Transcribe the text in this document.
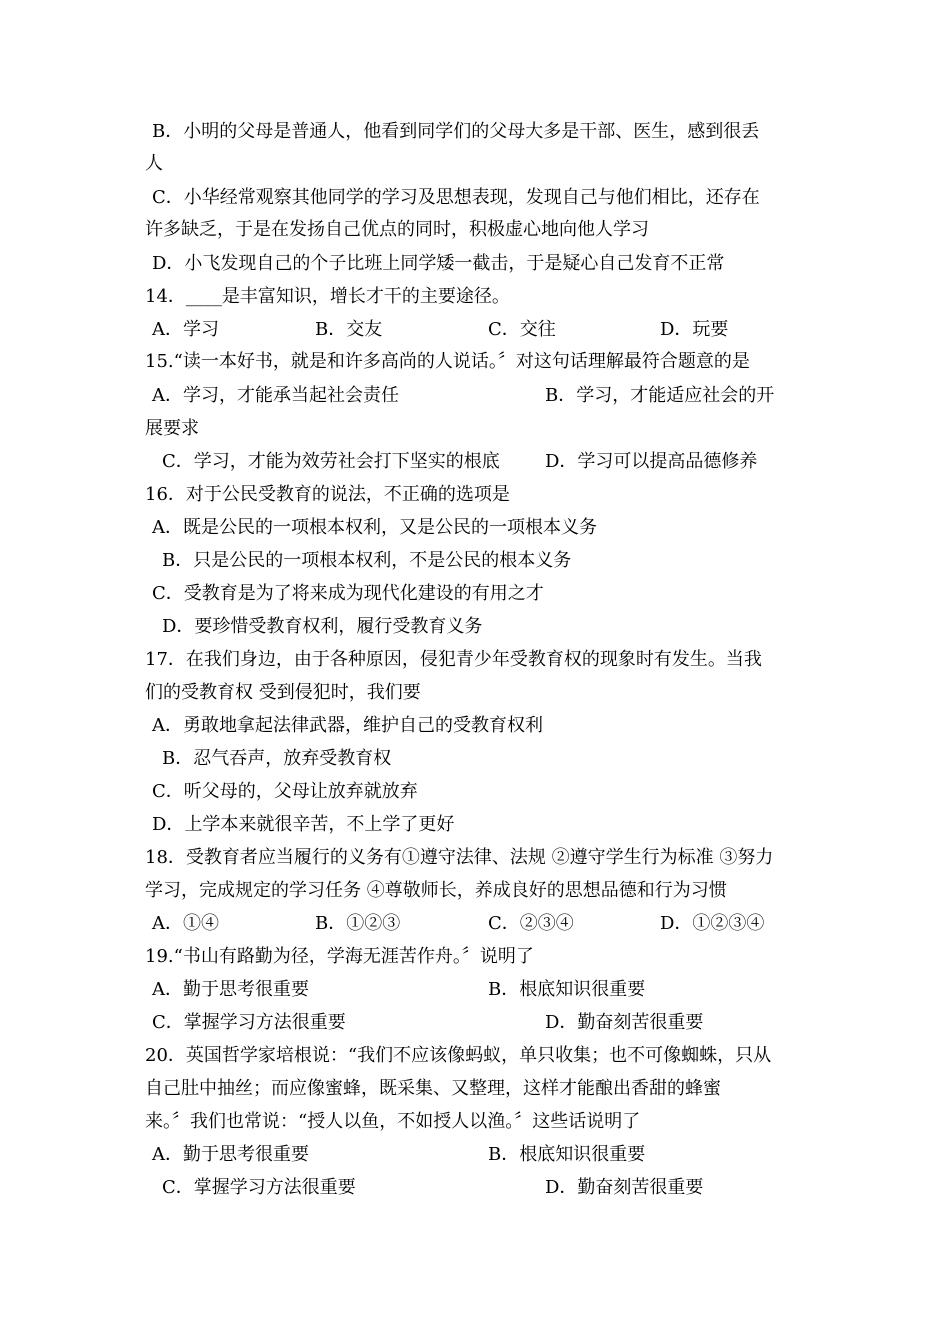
B．小明的父母是普通人，他看到同学们的父母大多是干部、医生，感到很丢
人
C．小华经常观察其他同学的学习及思想表现，发现自己与他们相比，还存在
许多缺乏，于是在发扬自己优点的同时，积极虚心地向他人学习
D．小飞发现自己的个子比班上同学矮一截击，于是疑心自己发育不正常
14．____是丰富知识，增长才干的主要途径。
A．学习	B．交友	C．交往	D．玩要
15.“读一本好书，就是和许多高尚的人说话。〞对这句话理解最符合题意的是
A．学习，才能承当起社会责任	B．学习，才能适应社会的开
展要求
C．学习，才能为效劳社会打下坚实的根底	D．学习可以提高品德修养
16．对于公民受教育的说法，不正确的选项是
A．既是公民的一项根本权利，又是公民的一项根本义务
B．只是公民的一项根本权利，不是公民的根本义务
C．受教育是为了将来成为现代化建设的有用之才
D．要珍惜受教育权利，履行受教育义务
17．在我们身边，由于各种原因，侵犯青少年受教育权的现象时有发生。当我
们的受教育权 受到侵犯时，我们要
A．勇敢地拿起法律武器，维护自己的受教育权利
B．忍气吞声，放弃受教育权
C．听父母的，父母让放弃就放弃
D．上学本来就很辛苦，不上学了更好
18．受教育者应当履行的义务有①遵守法律、法规 ②遵守学生行为标准 ③努力
学习，完成规定的学习任务 ④尊敬师长，养成良好的思想品德和行为习惯
A．①④	B．①②③	C．②③④	D．①②③④
19.“书山有路勤为径，学海无涯苦作舟。〞说明了
A．勤于思考很重要	B．根底知识很重要
C．掌握学习方法很重要	D．勤奋刻苦很重要
20．英国哲学家培根说：“我们不应该像蚂蚁，单只收集；也不可像蜘蛛，只从
自己肚中抽丝；而应像蜜蜂，既采集、又整理，这样才能酿出香甜的蜂蜜
来。〞我们也常说：“授人以鱼，不如授人以渔。〞这些话说明了
A．勤于思考很重要	B．根底知识很重要
C．掌握学习方法很重要	D．勤奋刻苦很重要
